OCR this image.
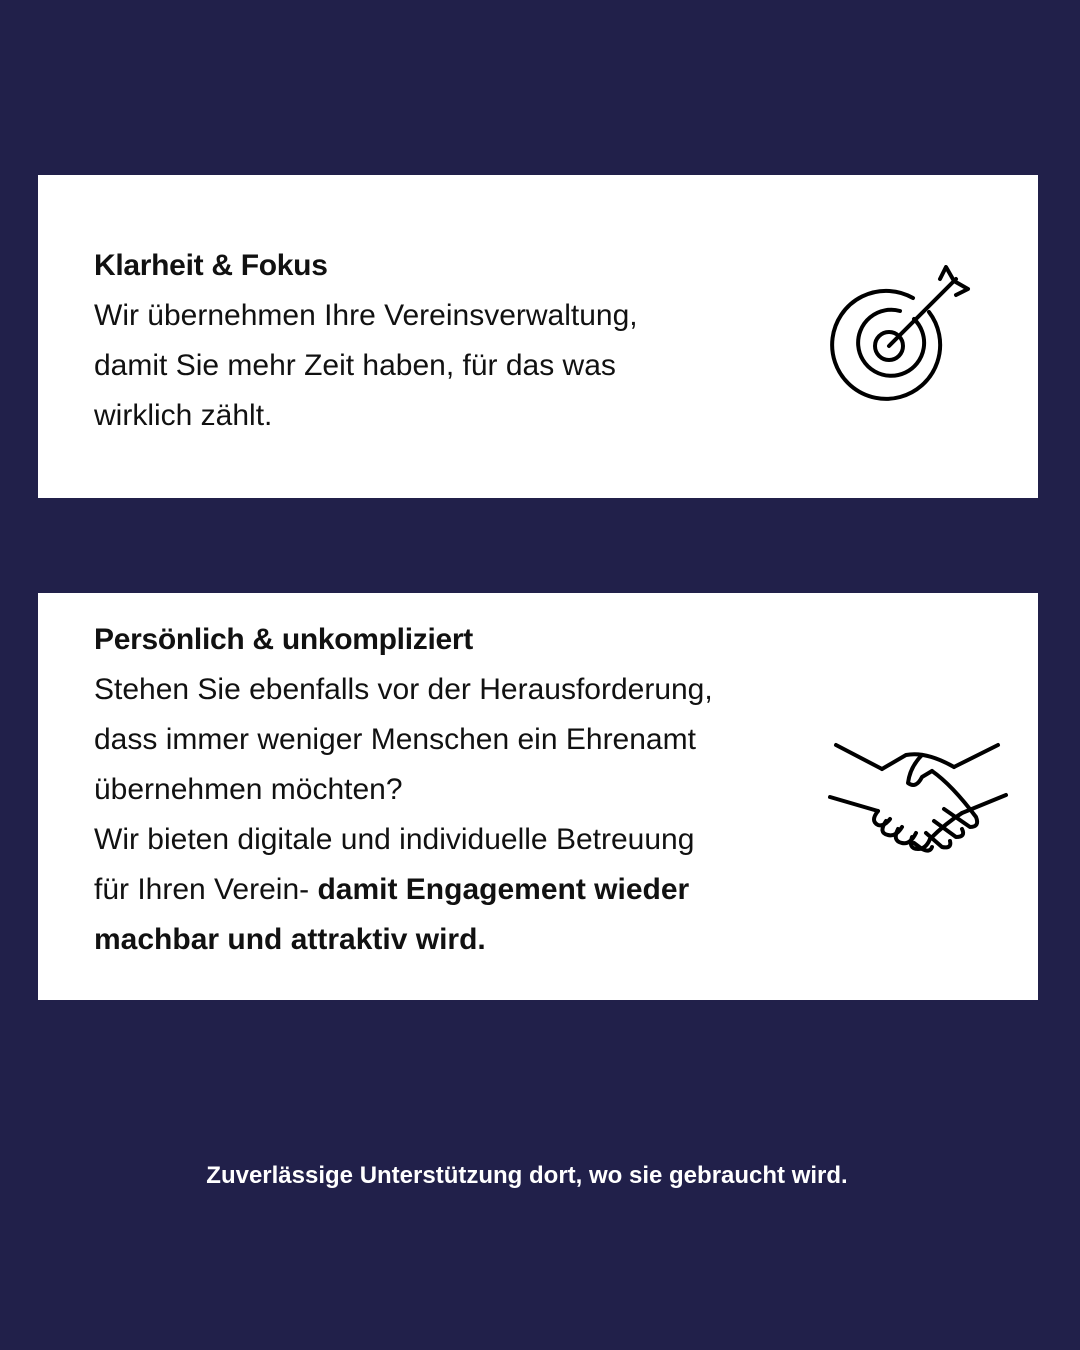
Klarheit & Fokus
Wir übernehmen Ihre Vereinsverwaltung,
damit Sie mehr Zeit haben, für das was
wirklich zählt.
Persönlich & unkompliziert
Stehen Sie ebenfalls vor der Herausforderung,
dass immer weniger Menschen ein Ehrenamt
übernehmen möchten?
Wir bieten digitale und individuelle Betreuung
für Ihren Verein- damit Engagement wieder
machbar und attraktiv wird.
Zuverlässige Unterstützung dort, wo sie gebraucht wird.
